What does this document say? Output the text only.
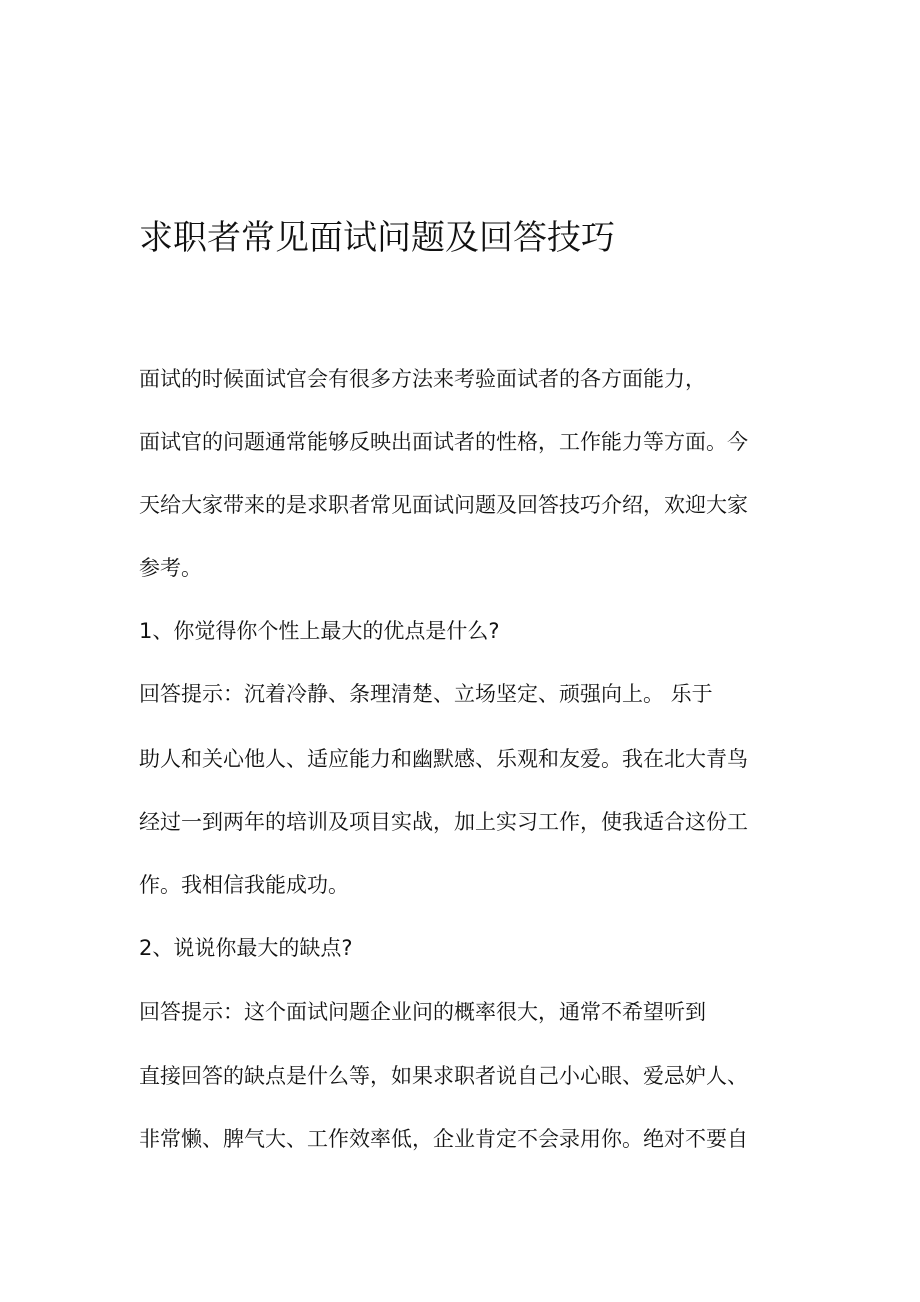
求职者常见面试问题及回答技巧

面试的时候面试官会有很多方法来考验面试者的各方面能力，

面试官的问题通常能够反映出面试者的性格，工作能力等方面。今

天给大家带来的是求职者常见面试问题及回答技巧介绍，欢迎大家

参考。

1、你觉得你个性上最大的优点是什么?

回答提示：沉着冷静、条理清楚、立场坚定、顽强向上。 乐于

助人和关心他人、适应能力和幽默感、乐观和友爱。我在北大青鸟

经过一到两年的培训及项目实战，加上实习工作，使我适合这份工

作。我相信我能成功。

2、说说你最大的缺点?

回答提示：这个面试问题企业问的概率很大，通常不希望听到

直接回答的缺点是什么等，如果求职者说自己小心眼、爱忌妒人、

非常懒、脾气大、工作效率低，企业肯定不会录用你。绝对不要自
